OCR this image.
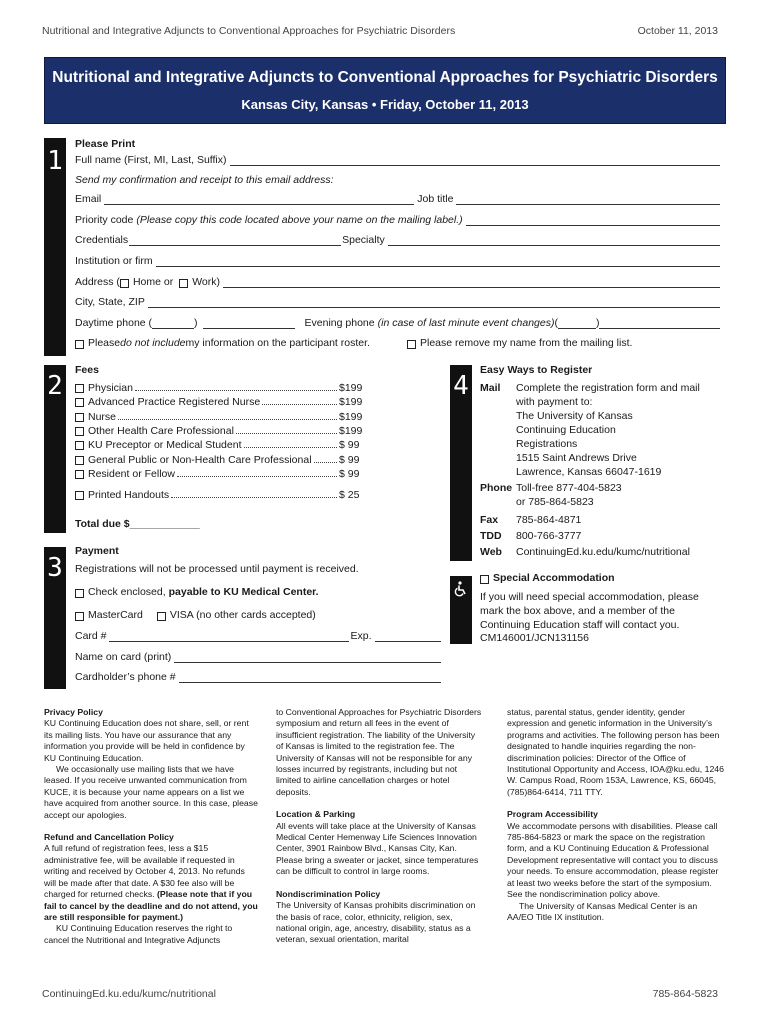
Nutritional and Integrative Adjuncts to Conventional Approaches for Psychiatric Disorders	October 11, 2013
Nutritional and Integrative Adjuncts to Conventional Approaches for Psychiatric Disorders
Kansas City, Kansas • Friday, October 11, 2013
1
Please Print
Full name (First, MI, Last, Suffix)
Send my confirmation and receipt to this email address:
Email	Job title
Priority code (Please copy this code located above your name on the mailing label.)
Credentials	Specialty
Institution or firm
Address ( Home or Work)
City, State, ZIP
Daytime phone (	)	Evening phone (in case of last minute event changes) (	)
Please do not include my information on the participant roster.	Please remove my name from the mailing list.
2
Fees
Physician	$199
Advanced Practice Registered Nurse	$199
Nurse	$199
Other Health Care Professional	$199
KU Preceptor or Medical Student	$ 99
General Public or Non-Health Care Professional	$ 99
Resident or Fellow	$ 99
Printed Handouts	$ 25
Total due $____________
3
Payment
Registrations will not be processed until payment is received.
Check enclosed, payable to KU Medical Center.
MasterCard	VISA (no other cards accepted)
Card #	Exp.
Name on card (print)
Cardholder’s phone #
4
Easy Ways to Register
Mail	Complete the registration form and mail
with payment to:
The University of Kansas
Continuing Education
Registrations
1515 Saint Andrews Drive
Lawrence, Kansas 66047-1619
Phone Toll-free 877-404-5823
or 785-864-5823
Fax	785-864-4871
TDD	800-766-3777
Web	ContinuingEd.ku.edu/kumc/nutritional
Special Accommodation
If you will need special accommodation, please
mark the box above, and a member of the
Continuing Education staff will contact you.
CM146001/JCN131156

Privacy Policy

KU Continuing Education does not share, sell, or rent its mailing lists. You have our assurance that any information you provide will be held in confidence by KU Continuing Education.

We occasionally use mailing lists that we have leased. If you receive unwanted communication from KUCE, it is because your name appears on a list we have acquired from another source. In this case, please accept our apologies.

Refund and Cancellation Policy

A full refund of registration fees, less a $15 administrative fee, will be available if requested in writing and received by October 4, 2013. No refunds will be made after that date. A $30 fee also will be charged for returned checks. (Please note that if you fail to cancel by the deadline and do not attend, you are still responsible for payment.)

KU Continuing Education reserves the right to cancel the Nutritional and Integrative Adjuncts

to Conventional Approaches for Psychiatric Disorders symposium and return all fees in the event of insufficient registration. The liability of the University of Kansas is limited to the registration fee. The University of Kansas will not be responsible for any losses incurred by registrants, including but not limited to airline cancellation charges or hotel deposits.

Location & Parking

All events will take place at the University of Kansas Medical Center Hemenway Life Sciences Innovation Center, 3901 Rainbow Blvd., Kansas City, Kan. Please bring a sweater or jacket, since temperatures can be difficult to control in large rooms.

Nondiscrimination Policy

The University of Kansas prohibits discrimination on the basis of race, color, ethnicity, religion, sex, national origin, age, ancestry, disability, status as a veteran, sexual orientation, marital

status, parental status, gender identity, gender expression and genetic information in the University’s programs and activities. The following person has been designated to handle inquiries regarding the non-discrimination policies: Director of the Office of Institutional Opportunity and Access, IOA@ku.edu, 1246 W. Campus Road, Room 153A, Lawrence, KS, 66045, (785)864-6414, 711 TTY.

Program Accessibility

We accommodate persons with disabilities. Please call 785-864-5823 or mark the space on the registration form, and a KU Continuing Education & Professional Development representative will contact you to discuss your needs. To ensure accommodation, please register at least two weeks before the start of the symposium. See the nondiscrimination policy above.

The University of Kansas Medical Center is an AA/EO Title IX institution.

ContinuingEd.ku.edu/kumc/nutritional	785-864-5823
